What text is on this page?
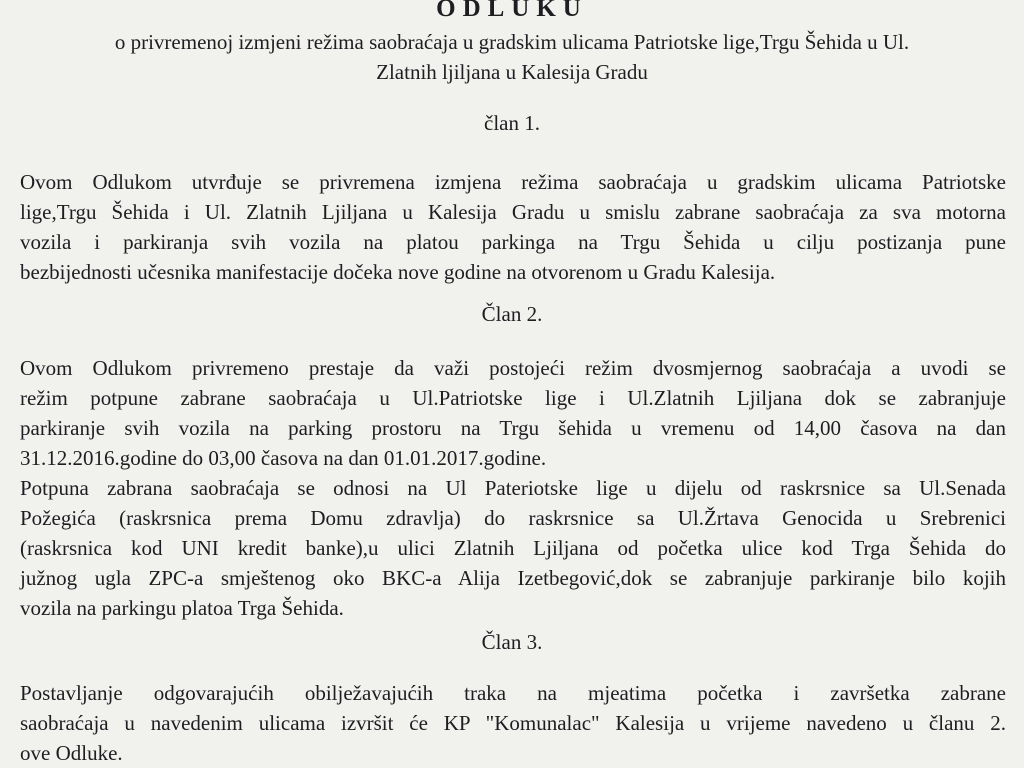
ODLUKU
o privremenoj izmjeni režima saobraćaja u gradskim ulicama Patriotske lige,Trgu Šehida u Ul.
Zlatnih ljiljana u Kalesija Gradu
član 1.
Ovom Odlukom utvrđuje se privremena izmjena režima saobraćaja u gradskim ulicama Patriotske
lige,Trgu Šehida i Ul. Zlatnih Ljiljana u Kalesija Gradu u smislu zabrane saobraćaja za sva motorna
vozila i parkiranja svih vozila na platou parkinga na Trgu Šehida u cilju postizanja pune
bezbijednosti učesnika manifestacije dočeka nove godine na otvorenom u Gradu Kalesija.
Član 2.
Ovom Odlukom privremeno prestaje da važi postojeći režim dvosmjernog saobraćaja a uvodi se
režim potpune zabrane saobraćaja u Ul.Patriotske lige i Ul.Zlatnih Ljiljana dok se zabranjuje
parkiranje svih vozila na parking prostoru na Trgu šehida u vremenu od 14,00 časova na dan
31.12.2016.godine do 03,00 časova na dan 01.01.2017.godine.
Potpuna zabrana saobraćaja se odnosi na Ul Pateriotske lige u dijelu od raskrsnice sa Ul.Senada
Požegića (raskrsnica prema Domu zdravlja) do raskrsnice sa Ul.Žrtava Genocida u Srebrenici
(raskrsnica kod UNI kredit banke),u ulici Zlatnih Ljiljana od početka ulice kod Trga Šehida do
južnog ugla ZPC-a smještenog oko BKC-a Alija Izetbegović,dok se zabranjuje parkiranje bilo kojih
vozila na parkingu platoa Trga Šehida.
Član 3.
Postavljanje odgovarajućih obilježavajućih traka na mjeatima početka i završetka zabrane
saobraćaja u navedenim ulicama izvršit će KP "Komunalac" Kalesija u vrijeme navedeno u članu 2.
ove Odluke.
